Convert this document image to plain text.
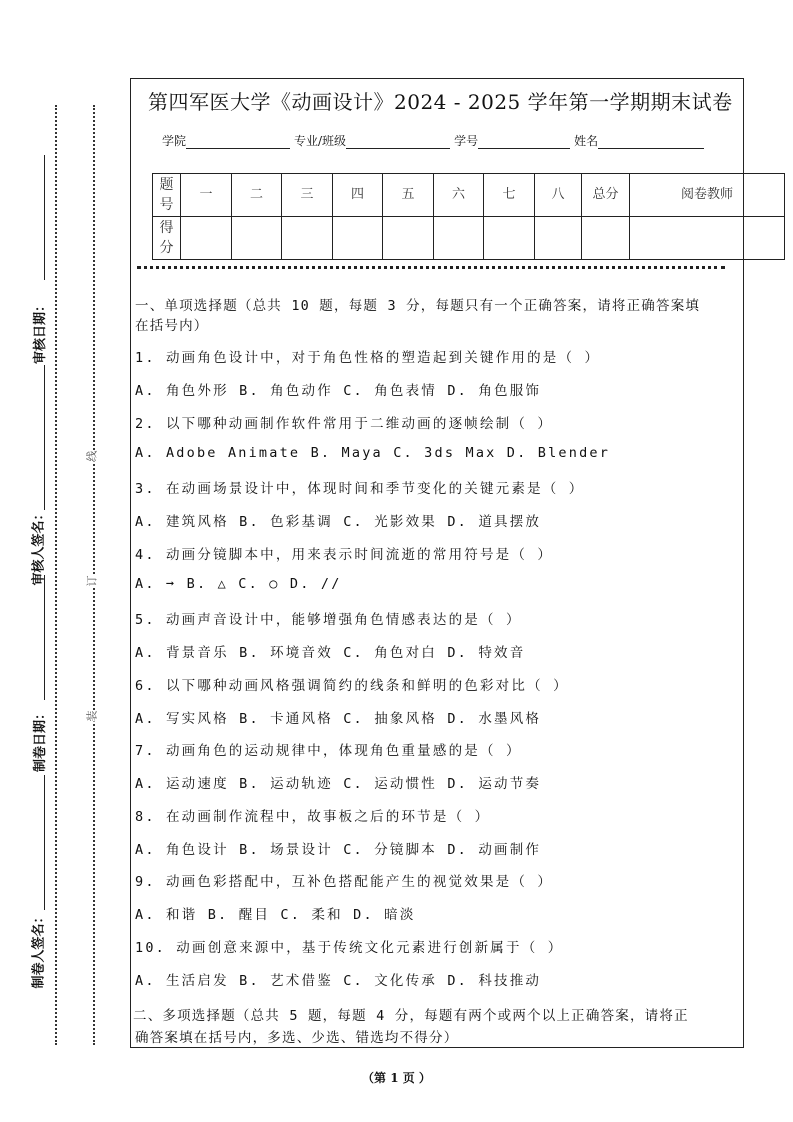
审核日期：
审核人签名：
制卷日期：
制卷人签名：
线
订
装
第四军医大学《动画设计》2024 - 2025 学年第一学期期末试卷
学院	专业/班级	学号	姓名
题号	一	二	三	四	五	六	七	八	总分	阅卷教师
得分										
一、单项选择题（总共 10 题，每题 3 分，每题只有一个正确答案，请将正确答案填
在括号内）
1. 动画角色设计中，对于角色性格的塑造起到关键作用的是（ ）
A. 角色外形 B. 角色动作 C. 角色表情 D. 角色服饰
2. 以下哪种动画制作软件常用于二维动画的逐帧绘制（ ）
A. Adobe Animate B. Maya C. 3ds Max D. Blender
3. 在动画场景设计中，体现时间和季节变化的关键元素是（ ）
A. 建筑风格 B. 色彩基调 C. 光影效果 D. 道具摆放
4. 动画分镜脚本中，用来表示时间流逝的常用符号是（ ）
A. ➞ B. △ C. ○ D. //
5. 动画声音设计中，能够增强角色情感表达的是（ ）
A. 背景音乐 B. 环境音效 C. 角色对白 D. 特效音
6. 以下哪种动画风格强调简约的线条和鲜明的色彩对比（ ）
A. 写实风格 B. 卡通风格 C. 抽象风格 D. 水墨风格
7. 动画角色的运动规律中，体现角色重量感的是（ ）
A. 运动速度 B. 运动轨迹 C. 运动惯性 D. 运动节奏
8. 在动画制作流程中，故事板之后的环节是（ ）
A. 角色设计 B. 场景设计 C. 分镜脚本 D. 动画制作
9. 动画色彩搭配中，互补色搭配能产生的视觉效果是（ ）
A. 和谐 B. 醒目 C. 柔和 D. 暗淡
10. 动画创意来源中，基于传统文化元素进行创新属于（ ）
A. 生活启发 B. 艺术借鉴 C. 文化传承 D. 科技推动
二、多项选择题（总共 5 题，每题 4 分，每题有两个或两个以上正确答案，请将正
确答案填在括号内，多选、少选、错选均不得分）
（第 1 页 ）
